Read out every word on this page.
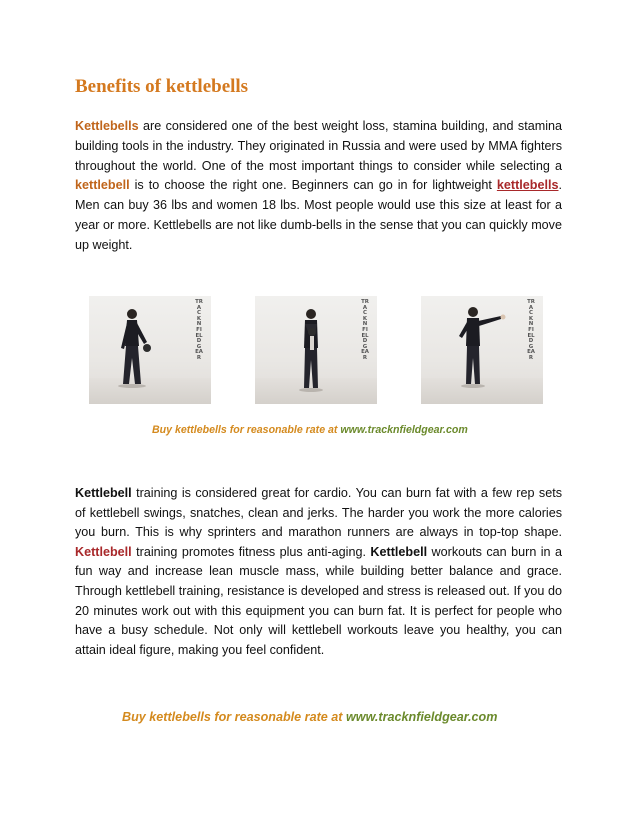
Benefits of kettlebells

Kettlebells are considered one of the best weight loss, stamina building, and stamina building tools in the industry. They originated in Russia and were used by MMA fighters throughout the world. One of the most important things to consider while selecting a kettlebell is to choose the right one. Beginners can go in for lightweight kettlebells. Men can buy 36 lbs and women 18 lbs. Most people would use this size at least for a year or more. Kettlebells are not like dumb-bells in the sense that you can quickly move up weight.

TRACKNFIELDGEAR
TRACKNFIELDGEAR
TRACKNFIELDGEAR

Buy kettlebells for reasonable rate at www.tracknfieldgear.com

Kettlebell training is considered great for cardio. You can burn fat with a few rep sets of kettlebell swings, snatches, clean and jerks. The harder you work the more calories you burn. This is why sprinters and marathon runners are always in top-top shape. Kettlebell training promotes fitness plus anti-aging. Kettlebell workouts can burn in a fun way and increase lean muscle mass, while building better balance and grace. Through kettlebell training, resistance is developed and stress is released out. If you do 20 minutes work out with this equipment you can burn fat. It is perfect for people who have a busy schedule. Not only will kettlebell workouts leave you healthy, you can attain ideal figure, making you feel confident.

Buy kettlebells for reasonable rate at www.tracknfieldgear.com
